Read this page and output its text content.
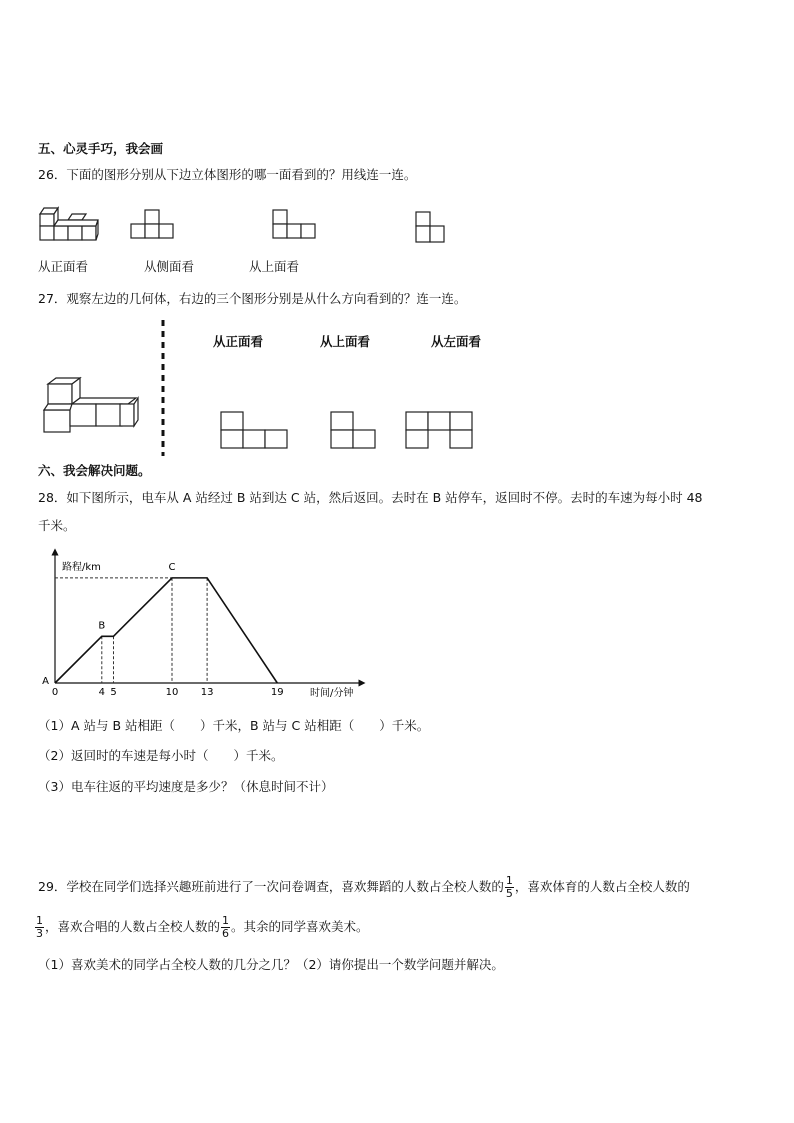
五、心灵手巧，我会画
26．下面的图形分别从下边立体图形的哪一面看到的？用线连一连。
从正面看	从侧面看	从上面看
27．观察左边的几何体，右边的三个图形分别是从什么方向看到的？连一连。
从正面看	从上面看	从左面看
六、我会解决问题。
28．如下图所示，电车从 A 站经过 B 站到达 C 站，然后返回。去时在 B 站停车，返回时不停。去时的车速为每小时 48
千米。
路程/km
时间/分钟
0	4 5	10 13	19
A
B
C
（1）A 站与 B 站相距（　　）千米，B 站与 C 站相距（　　）千米。
（2）返回时的车速是每小时（　　）千米。
（3）电车往返的平均速度是多少？（休息时间不计）
29．学校在同学们选择兴趣班前进行了一次问卷调查，喜欢舞蹈的人数占全校人数的 $\frac{1}{5}$ ，喜欢体育的人数占全校人数的
$\frac{1}{3}$ ，喜欢合唱的人数占全校人数的 $\frac{1}{6}$ 。其余的同学喜欢美术。
（1）喜欢美术的同学占全校人数的几分之几？（2）请你提出一个数学问题并解决。
